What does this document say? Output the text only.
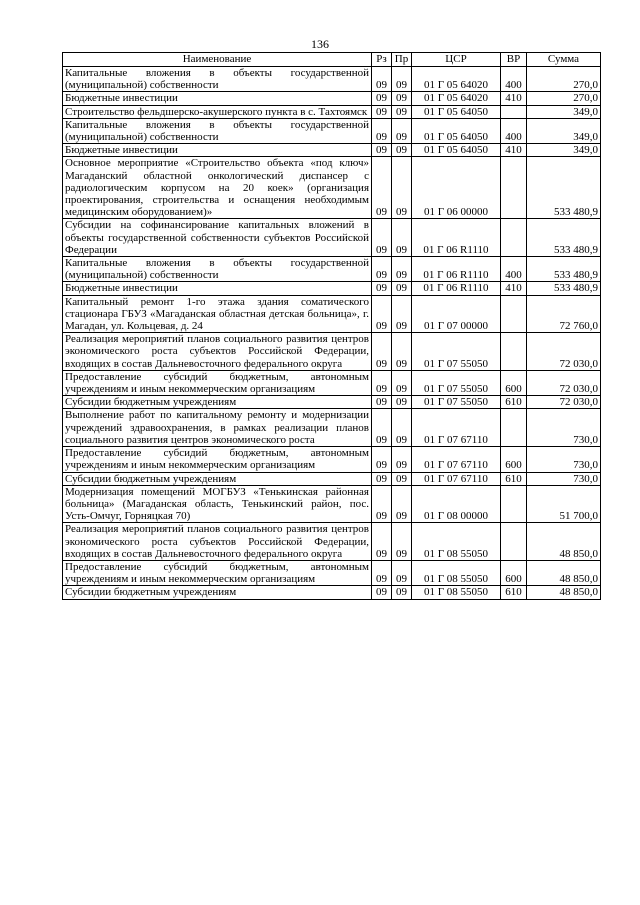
136
Наименование	Рз	Пр	ЦСР	ВР	Сумма
Капитальные вложения в объекты государственной (муниципальной) собственности	09	09	01 Г 05 64020	400	270,0
Бюджетные инвестиции	09	09	01 Г 05 64020	410	270,0
Строительство фельдшерско-акушерского пункта в с. Тахтоямск	09	09	01 Г 05 64050		349,0
Капитальные вложения в объекты государственной (муниципальной) собственности	09	09	01 Г 05 64050	400	349,0
Бюджетные инвестиции	09	09	01 Г 05 64050	410	349,0
Основное мероприятие «Строительство объекта «под ключ» Магаданский областной онкологический диспансер с радиологическим корпусом на 20 коек» (организация проектирования, строительства и оснащения необходимым медицинским оборудованием)»	09	09	01 Г 06 00000		533 480,9
Субсидии на софинансирование капитальных вложений в объекты государственной собственности субъектов Российской Федерации	09	09	01 Г 06 R1110		533 480,9
Капитальные вложения в объекты государственной (муниципальной) собственности	09	09	01 Г 06 R1110	400	533 480,9
Бюджетные инвестиции	09	09	01 Г 06 R1110	410	533 480,9
Капитальный ремонт 1-го этажа здания соматического стационара ГБУЗ «Магаданская областная детская больница», г. Магадан, ул. Кольцевая, д. 24	09	09	01 Г 07 00000		72 760,0
Реализация мероприятий планов социального развития центров экономического роста субъектов Российской Федерации, входящих в состав Дальневосточного федерального округа	09	09	01 Г 07 55050		72 030,0
Предоставление субсидий бюджетным, автономным учреждениям и иным некоммерческим организациям	09	09	01 Г 07 55050	600	72 030,0
Субсидии бюджетным учреждениям	09	09	01 Г 07 55050	610	72 030,0
Выполнение работ по капитальному ремонту и модернизации учреждений здравоохранения, в рамках реализации планов социального развития центров экономического роста	09	09	01 Г 07 67110		730,0
Предоставление субсидий бюджетным, автономным учреждениям и иным некоммерческим организациям	09	09	01 Г 07 67110	600	730,0
Субсидии бюджетным учреждениям	09	09	01 Г 07 67110	610	730,0
Модернизация помещений МОГБУЗ «Тенькинская районная больница» (Магаданская область, Тенькинский район, пос. Усть-Омчуг, Горняцкая 70)	09	09	01 Г 08 00000		51 700,0
Реализация мероприятий планов социального развития центров экономического роста субъектов Российской Федерации, входящих в состав Дальневосточного федерального округа	09	09	01 Г 08 55050		48 850,0
Предоставление субсидий бюджетным, автономным учреждениям и иным некоммерческим организациям	09	09	01 Г 08 55050	600	48 850,0
Субсидии бюджетным учреждениям	09	09	01 Г 08 55050	610	48 850,0
